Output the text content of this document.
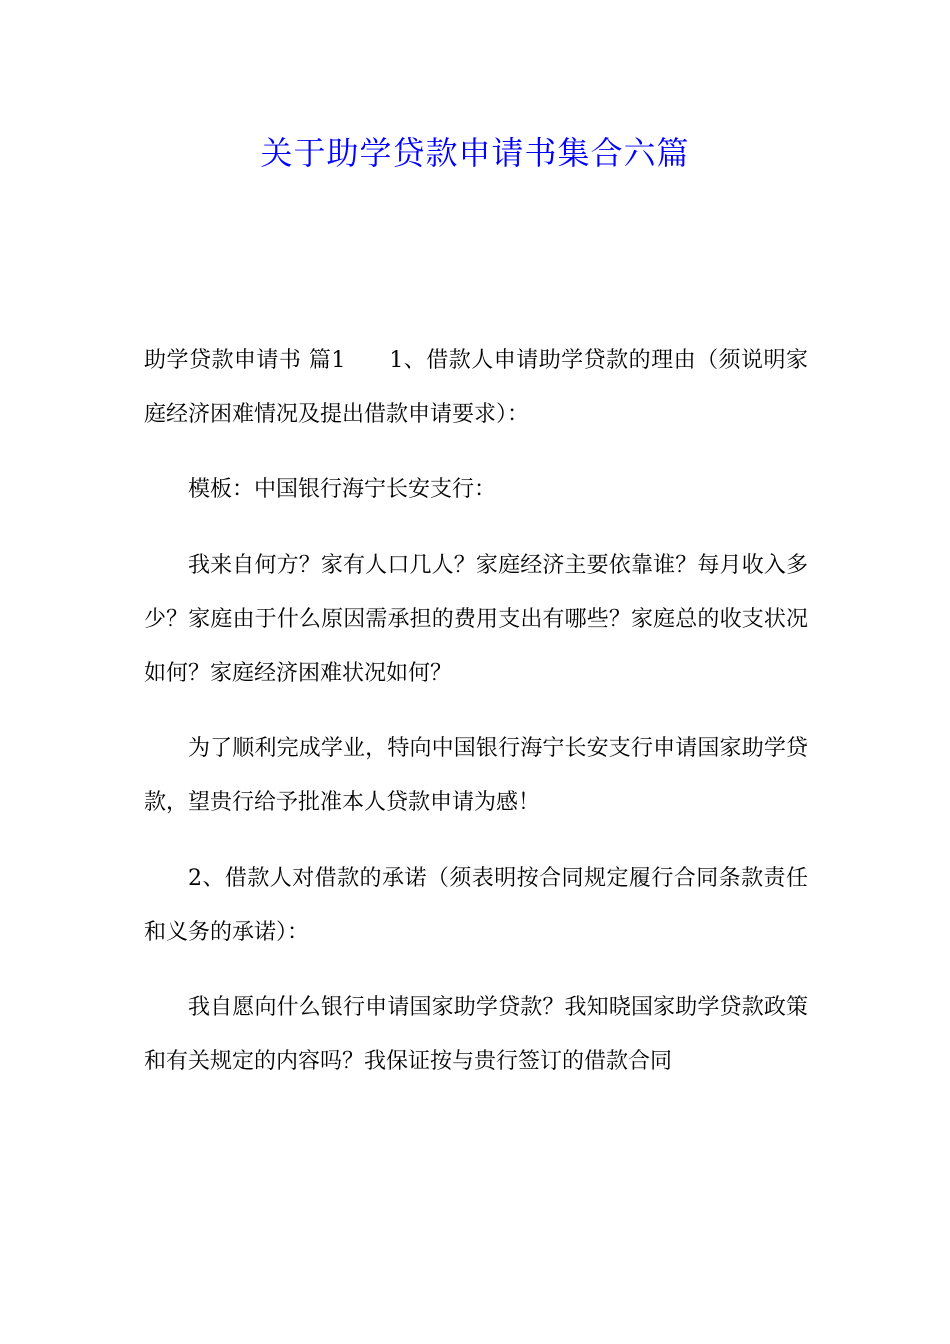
关于助学贷款申请书集合六篇

助学贷款申请书 篇1 1、借款人申请助学贷款的理由（须说明家庭经济困难情况及提出借款申请要求）：

模板：中国银行海宁长安支行：

我来自何方？家有人口几人？家庭经济主要依靠谁？每月收入多少？家庭由于什么原因需承担的费用支出有哪些？家庭总的收支状况如何？家庭经济困难状况如何？

为了顺利完成学业，特向中国银行海宁长安支行申请国家助学贷款，望贵行给予批准本人贷款申请为感！

2、借款人对借款的承诺（须表明按合同规定履行合同条款责任和义务的承诺）：

我自愿向什么银行申请国家助学贷款？我知晓国家助学贷款政策和有关规定的内容吗？我保证按与贵行签订的借款合同
